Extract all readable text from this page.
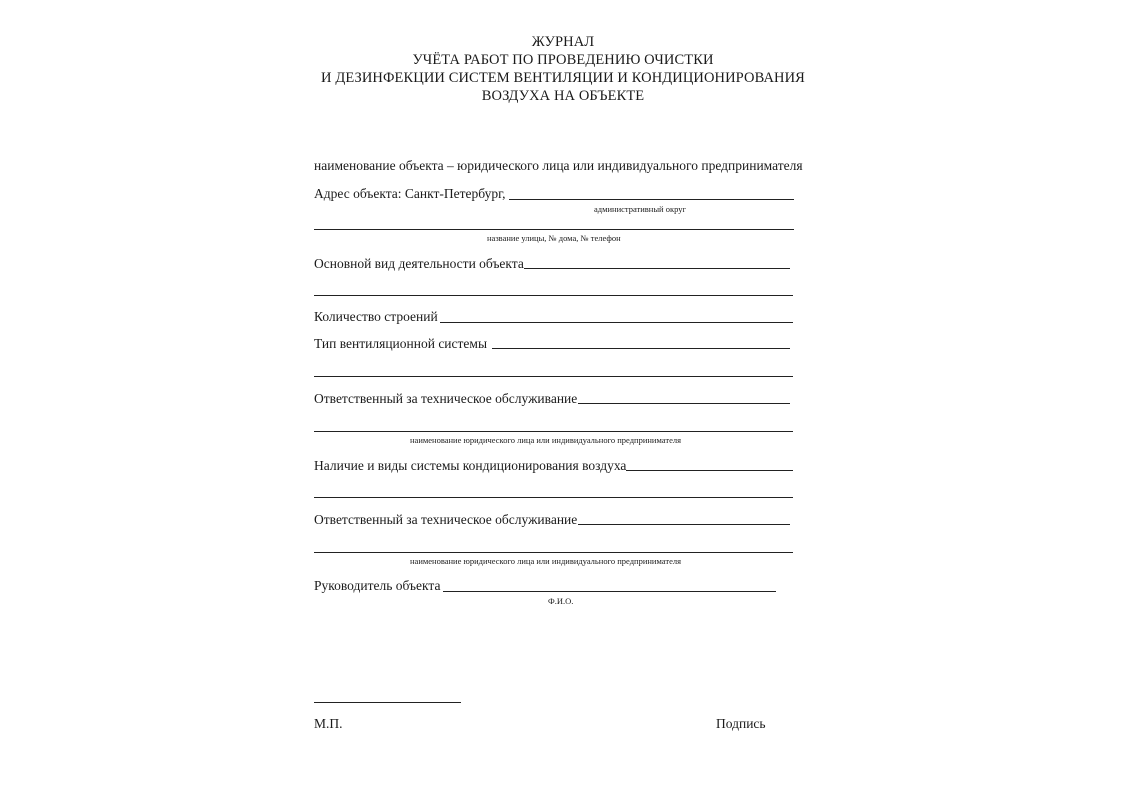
ЖУРНАЛ
УЧЁТА РАБОТ ПО ПРОВЕДЕНИЮ ОЧИСТКИ
И ДЕЗИНФЕКЦИИ СИСТЕМ ВЕНТИЛЯЦИИ И КОНДИЦИОНИРОВАНИЯ
ВОЗДУХА НА ОБЪЕКТЕ
наименование объекта – юридического лица или индивидуального предпринимателя
Адрес объекта: Санкт-Петербург,
административный округ
название улицы, № дома, № телефон
Основной вид деятельности объекта
Количество строений
Тип вентиляционной системы
Ответственный за техническое обслуживание
наименование юридического лица или индивидуального предпринимателя
Наличие и виды системы кондиционирования воздуха
Ответственный за техническое обслуживание
наименование юридического лица или индивидуального предпринимателя
Руководитель объекта
Ф.И.О.
М.П.	Подпись
